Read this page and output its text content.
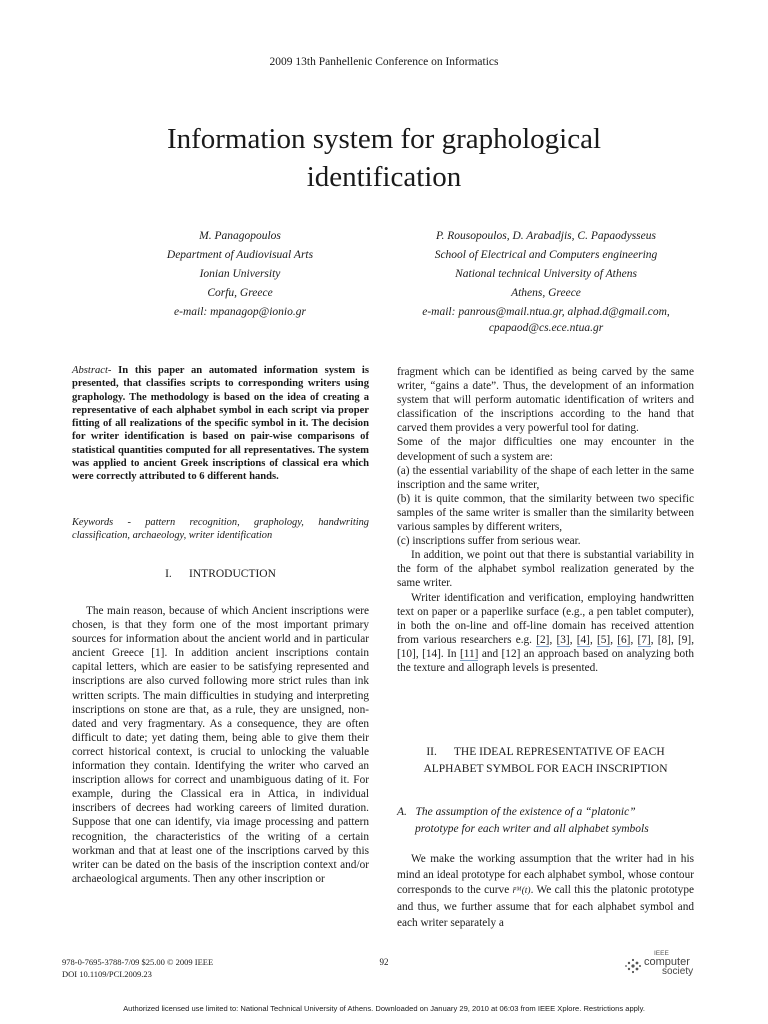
2009 13th Panhellenic Conference on Informatics
Information system for graphological
identification
M. Panagopoulos
Department of Audiovisual Arts
Ionian University
Corfu, Greece
e-mail: mpanagop@ionio.gr
P. Rousopoulos, D. Arabadjis, C. Papaodysseus
School of Electrical and Computers engineering
National technical University of Athens
Athens, Greece
e-mail: panrous@mail.ntua.gr, alphad.d@gmail.com,
cpapaod@cs.ece.ntua.gr
Abstract- In this paper an automated information system is presented, that classifies scripts to corresponding writers using graphology. The methodology is based on the idea of creating a representative of each alphabet symbol in each script via proper fitting of all realizations of the specific symbol in it. The decision for writer identification is based on pair-wise comparisons of statistical quantities computed for all representatives. The system was applied to ancient Greek inscriptions of classical era which were correctly attributed to 6 different hands.
Keywords - pattern recognition, graphology, handwriting classification, archaeology, writer identification
I.      INTRODUCTION

The main reason, because of which Ancient inscriptions were chosen, is that they form one of the most important primary sources for information about the ancient world and in particular ancient Greece [1]. In addition ancient inscriptions contain capital letters, which are easier to be satisfying represented and inscriptions are also curved following more strict rules than ink written scripts. The main difficulties in studying and interpreting inscriptions on stone are that, as a rule, they are unsigned, non-dated and very fragmentary. As a consequence, they are often difficult to date; yet dating them, being able to give them their correct historical context, is crucial to unlocking the valuable information they contain. Identifying the writer who carved an inscription allows for correct and unambiguous dating of it. For example, during the Classical era in Attica, in individual inscribers of decrees had working careers of limited duration. Suppose that one can identify, via image processing and pattern recognition, the characteristics of the writing of a certain workman and that at least one of the inscriptions carved by this writer can be dated on the basis of the inscription context and/or archaeological arguments. Then any other inscription or

fragment which can be identified as being carved by the same writer, “gains a date”. Thus, the development of an information system that will perform automatic identification of writers and classification of the inscriptions according to the hand that carved them provides a very powerful tool for dating.

Some of the major difficulties one may encounter in the development of such a system are:

(a) the essential variability of the shape of each letter in the same inscription and the same writer,

(b) it is quite common, that the similarity between two specific samples of the same writer is smaller than the similarity between various samples by different writers,

(c) inscriptions suffer from serious wear.

In addition, we point out that there is substantial variability in the form of the alphabet symbol realization generated by the same writer.

Writer identification and verification, employing handwritten text on paper or a paperlike surface (e.g., a pen tablet computer), in both the on-line and off-line domain has received attention from various researchers e.g. [2], [3], [4], [5], [6], [7], [8], [9], [10], [14]. In [11] and [12] an approach based on analyzing both the texture and allograph levels is presented.

II.      THE IDEAL REPRESENTATIVE OF EACH
ALPHABET SYMBOL FOR EACH INSCRIPTION
A. The assumption of the existence of a “platonic”
prototype for each writer and all alphabet symbols

We make the working assumption that the writer had in his mind an ideal prototype for each alphabet symbol, whose contour corresponds to the curve r̄ᴹ(t). We call this the platonic prototype and thus, we further assume that for each alphabet symbol and each writer separately a

978-0-7695-3788-7/09 $25.00 © 2009 IEEE
DOI 10.1109/PCI.2009.23
92
IEEE
computer
society
Authorized licensed use limited to: National Technical University of Athens. Downloaded on January 29, 2010 at 06:03 from IEEE Xplore. Restrictions apply.
